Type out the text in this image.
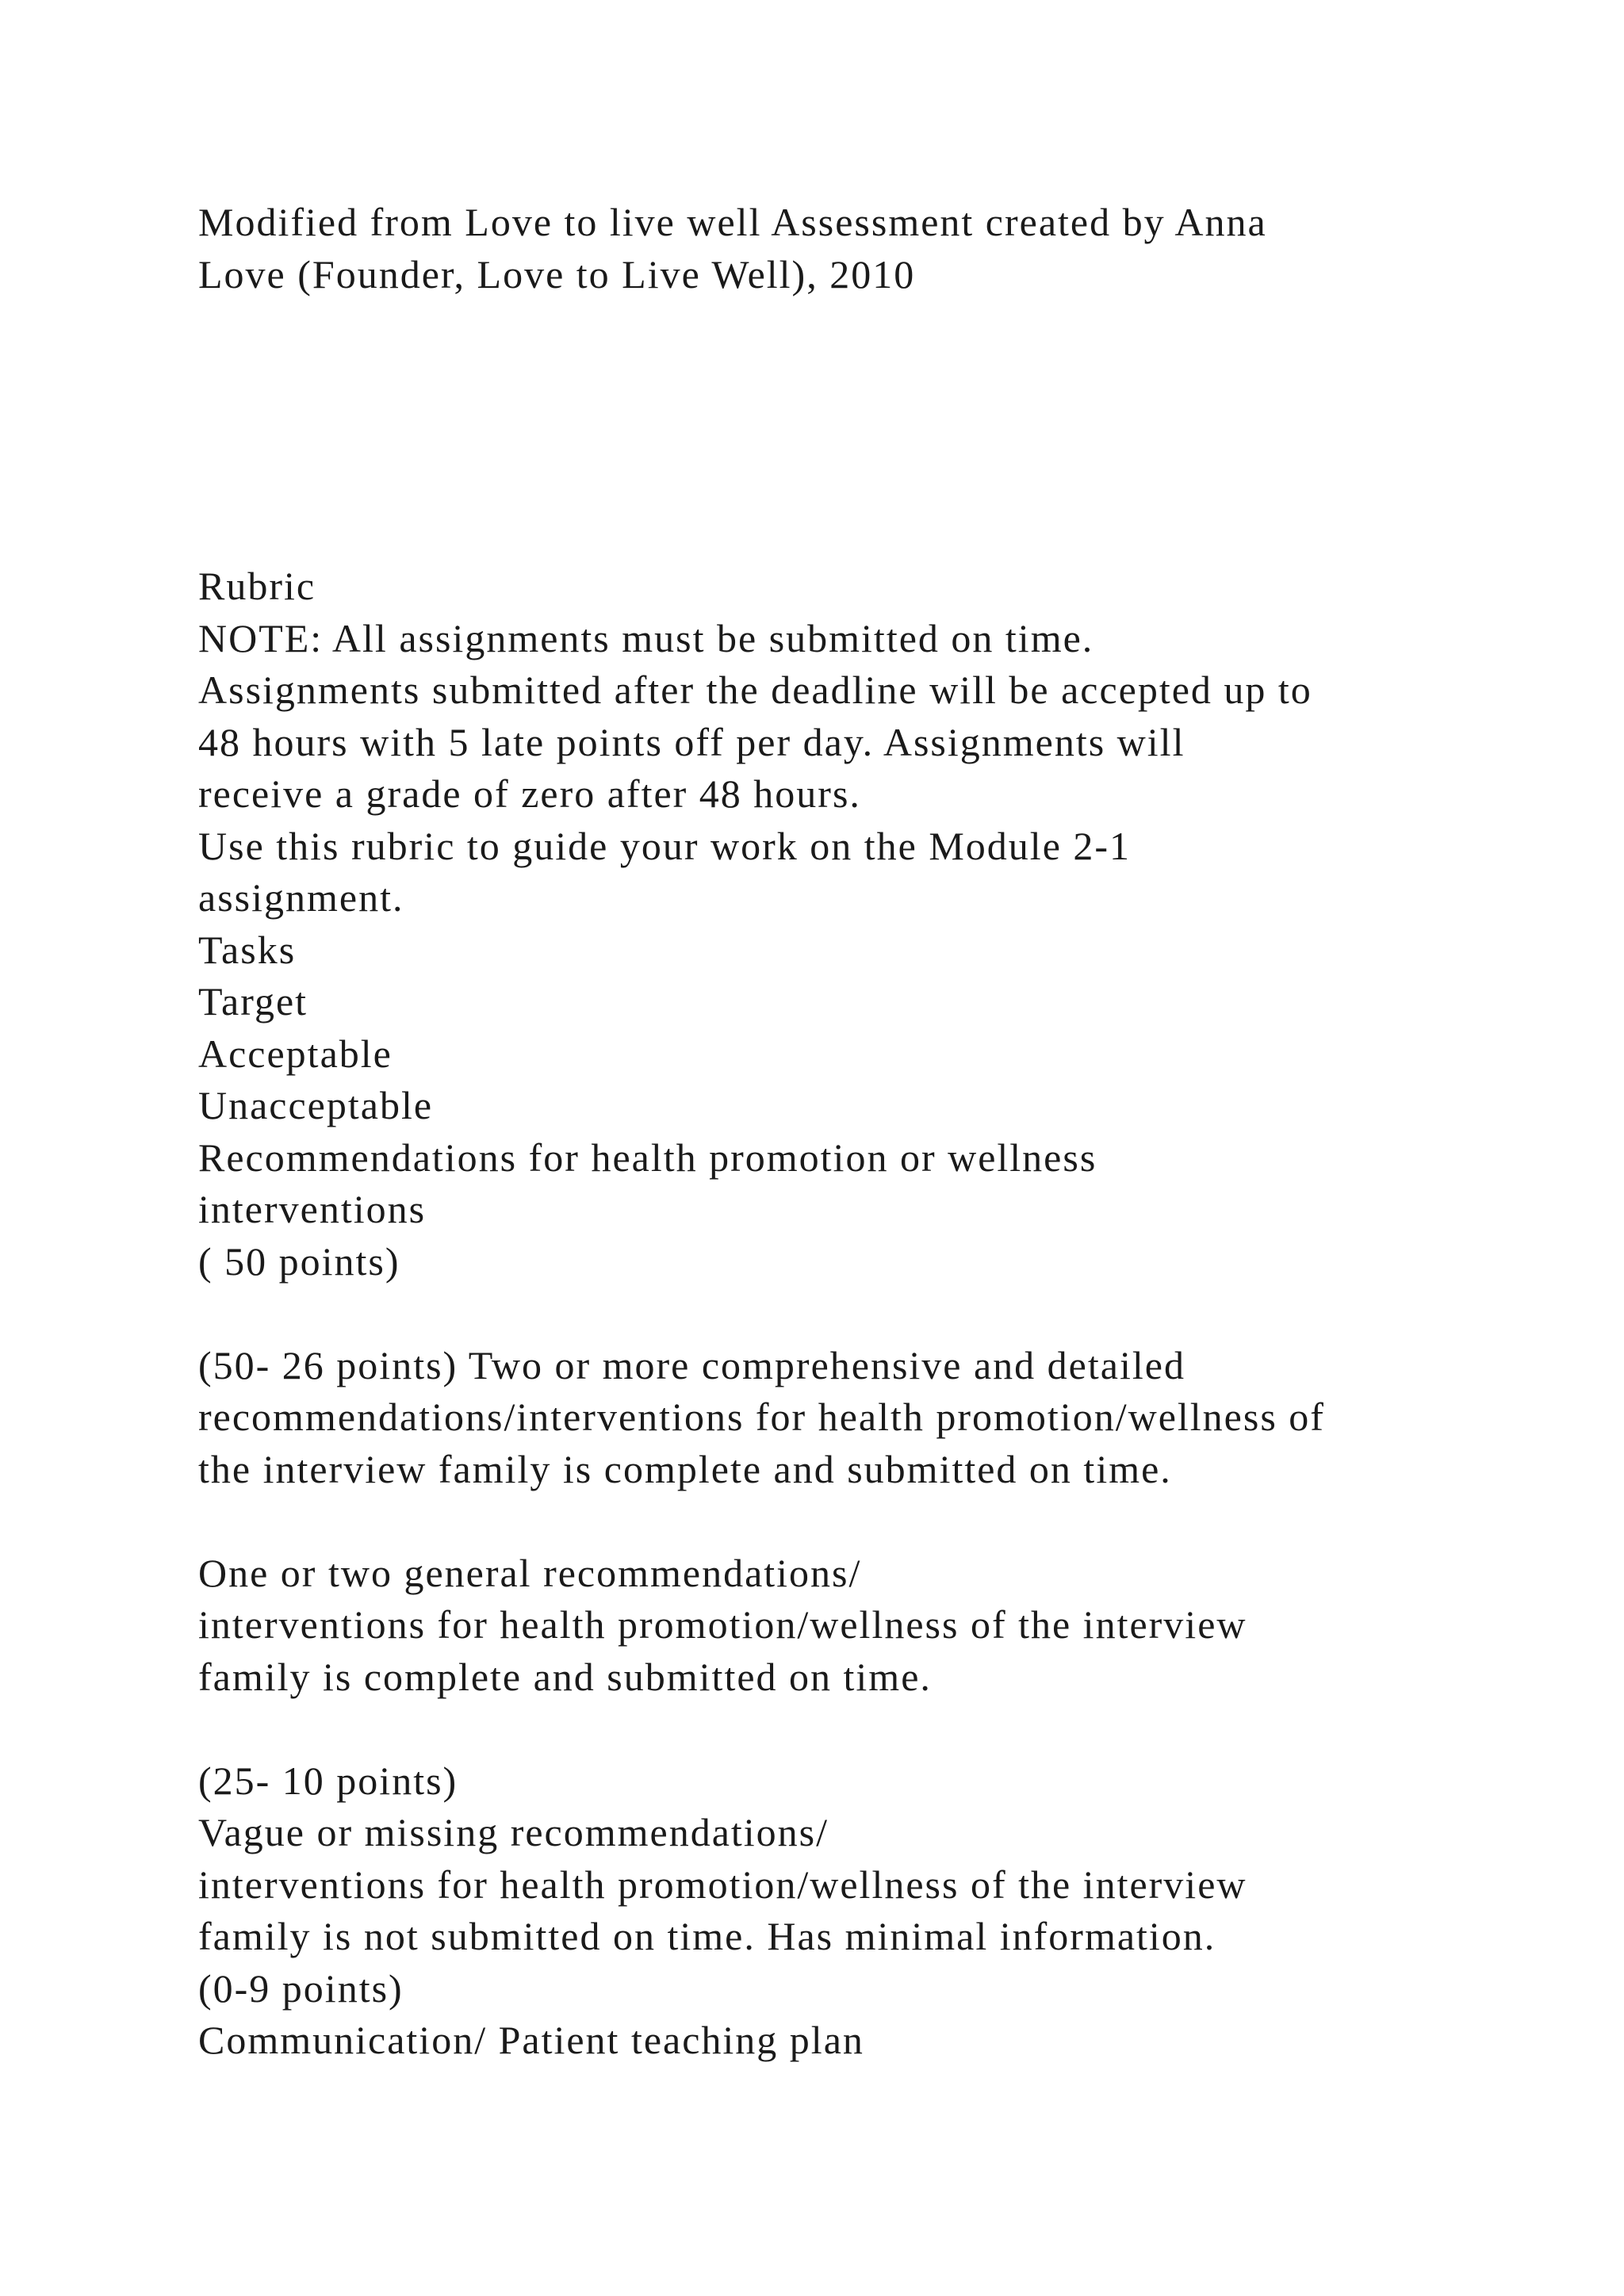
Modified from Love to live well Assessment created by Anna
Love (Founder, Love to Live Well), 2010
Rubric
NOTE: All assignments must be submitted on time.
Assignments submitted after the deadline will be accepted up to
48 hours with 5 late points off per day. Assignments will
receive a grade of zero after 48 hours.
Use this rubric to guide your work on the Module 2-1
assignment.
Tasks
Target
Acceptable
Unacceptable
Recommendations for health promotion or wellness
interventions
( 50 points)
(50- 26 points) Two or more comprehensive and detailed
recommendations/interventions for health promotion/wellness of
the interview family is complete and submitted on time.
One or two general recommendations/
interventions for health promotion/wellness of the interview
family is complete and submitted on time.
(25- 10 points)
Vague or missing recommendations/
interventions for health promotion/wellness of the interview
family is not submitted on time. Has minimal information.
(0-9 points)
Communication/ Patient teaching plan
